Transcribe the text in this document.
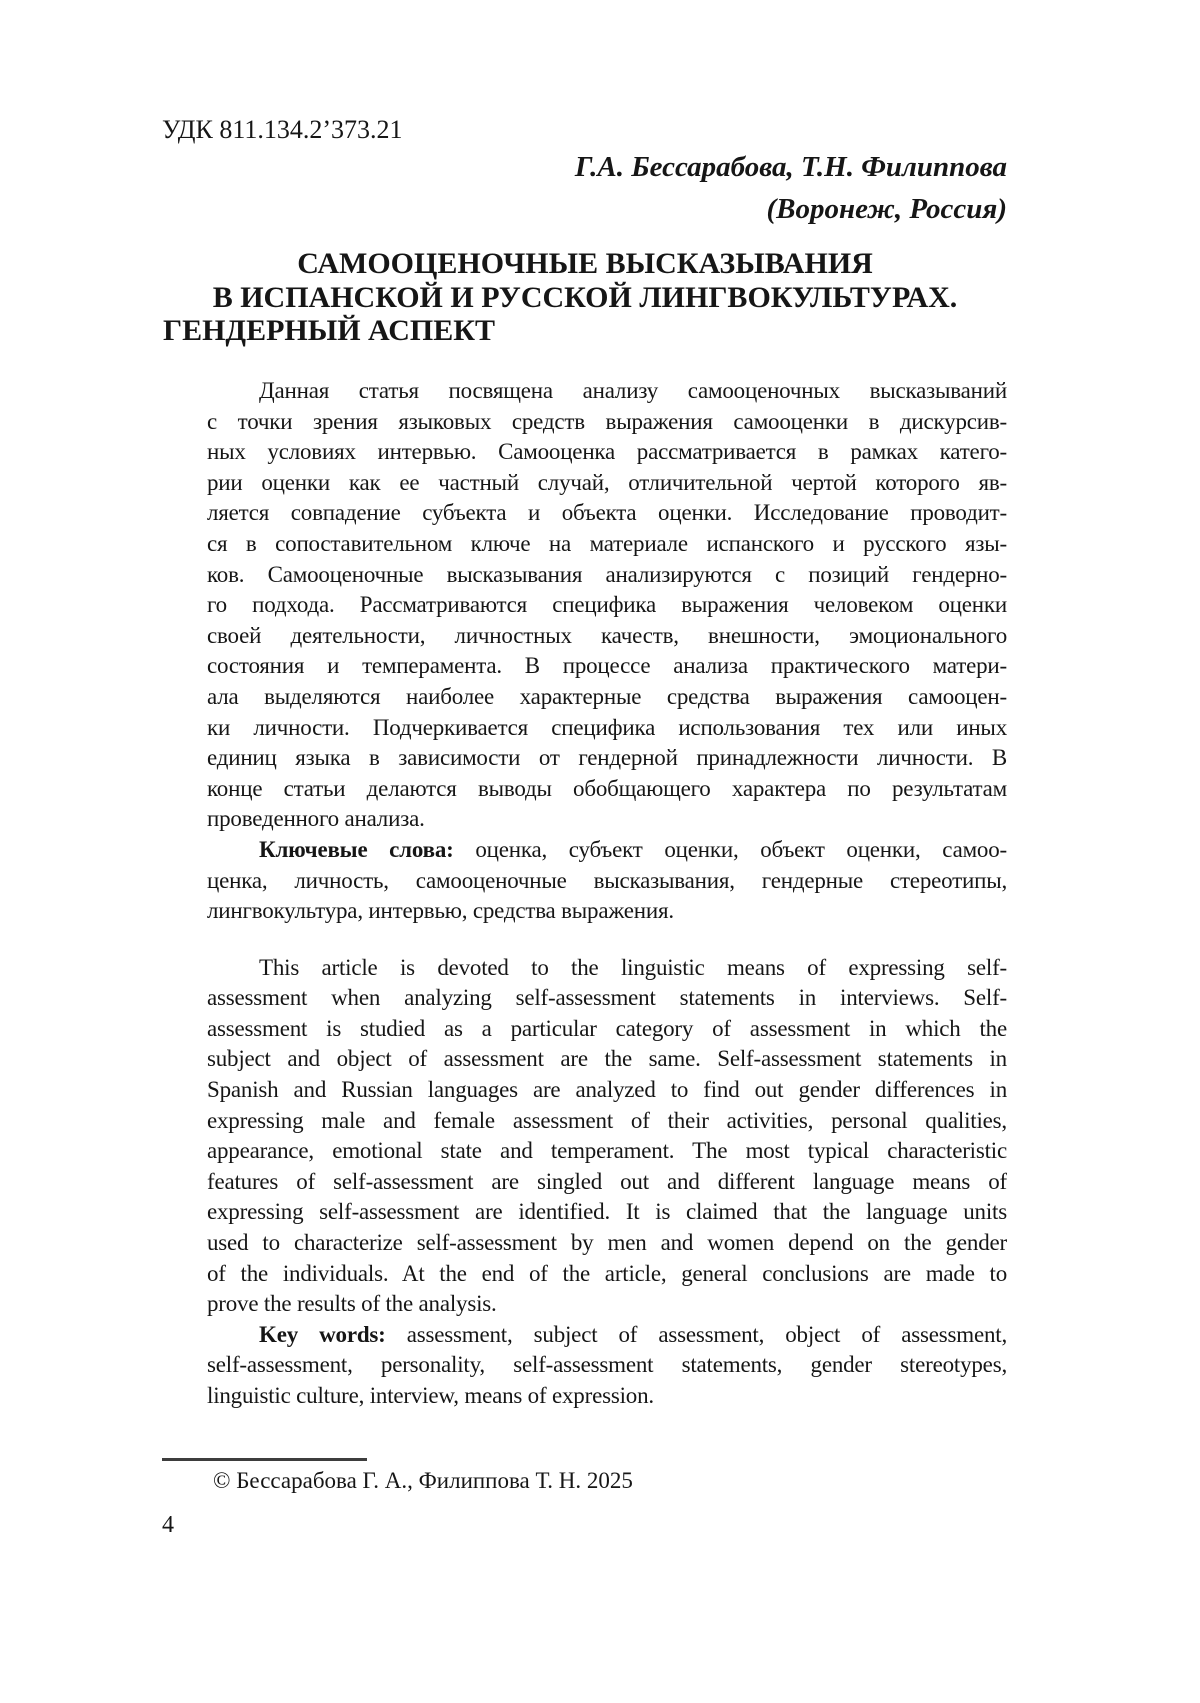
УДК 811.134.2’373.21
Г.А. Бессарабова, Т.Н. Филиппова
(Воронеж, Россия)
САМООЦЕНОЧНЫЕ ВЫСКАЗЫВАНИЯ
В ИСПАНСКОЙ И РУССКОЙ ЛИНГВОКУЛЬТУРАХ.
ГЕНДЕРНЫЙ АСПЕКТ
Данная статья посвящена анализу самооценочных высказываний
с точки зрения языковых средств выражения самооценки в дискурсив-
ных условиях интервью. Самооценка рассматривается в рамках катего-
рии оценки как ее частный случай, отличительной чертой которого яв-
ляется совпадение субъекта и объекта оценки. Исследование проводит-
ся в сопоставительном ключе на материале испанского и русского язы-
ков. Самооценочные высказывания анализируются с позиций гендерно-
го подхода. Рассматриваются специфика выражения человеком оценки
своей деятельности, личностных качеств, внешности, эмоционального
состояния и темперамента. В процессе анализа практического матери-
ала выделяются наиболее характерные средства выражения самооцен-
ки личности. Подчеркивается специфика использования тех или иных
единиц языка в зависимости от гендерной принадлежности личности. В
конце статьи делаются выводы обобщающего характера по результатам
проведенного анализа.
Ключевые слова: оценка, субъект оценки, объект оценки, самоо-
ценка, личность, самооценочные высказывания, гендерные стереотипы,
лингвокультура, интервью, средства выражения.
This article is devoted to the linguistic means of expressing self-
assessment when analyzing self-assessment statements in interviews. Self-
assessment is studied as a particular category of assessment in which the
subject and object of assessment are the same. Self-assessment statements in
Spanish and Russian languages are analyzed to find out gender differences in
expressing male and female assessment of their activities, personal qualities,
appearance, emotional state and temperament. The most typical characteristic
features of self-assessment are singled out and different language means of
expressing self-assessment are identified. It is claimed that the language units
used to characterize self-assessment by men and women depend on the gender
of the individuals. At the end of the article, general conclusions are made to
prove the results of the analysis.
Key words: assessment, subject of assessment, object of assessment,
self-assessment, personality, self-assessment statements, gender stereotypes,
linguistic culture, interview, means of expression.
© Бессарабова Г. А., Филиппова Т. Н. 2025
4
